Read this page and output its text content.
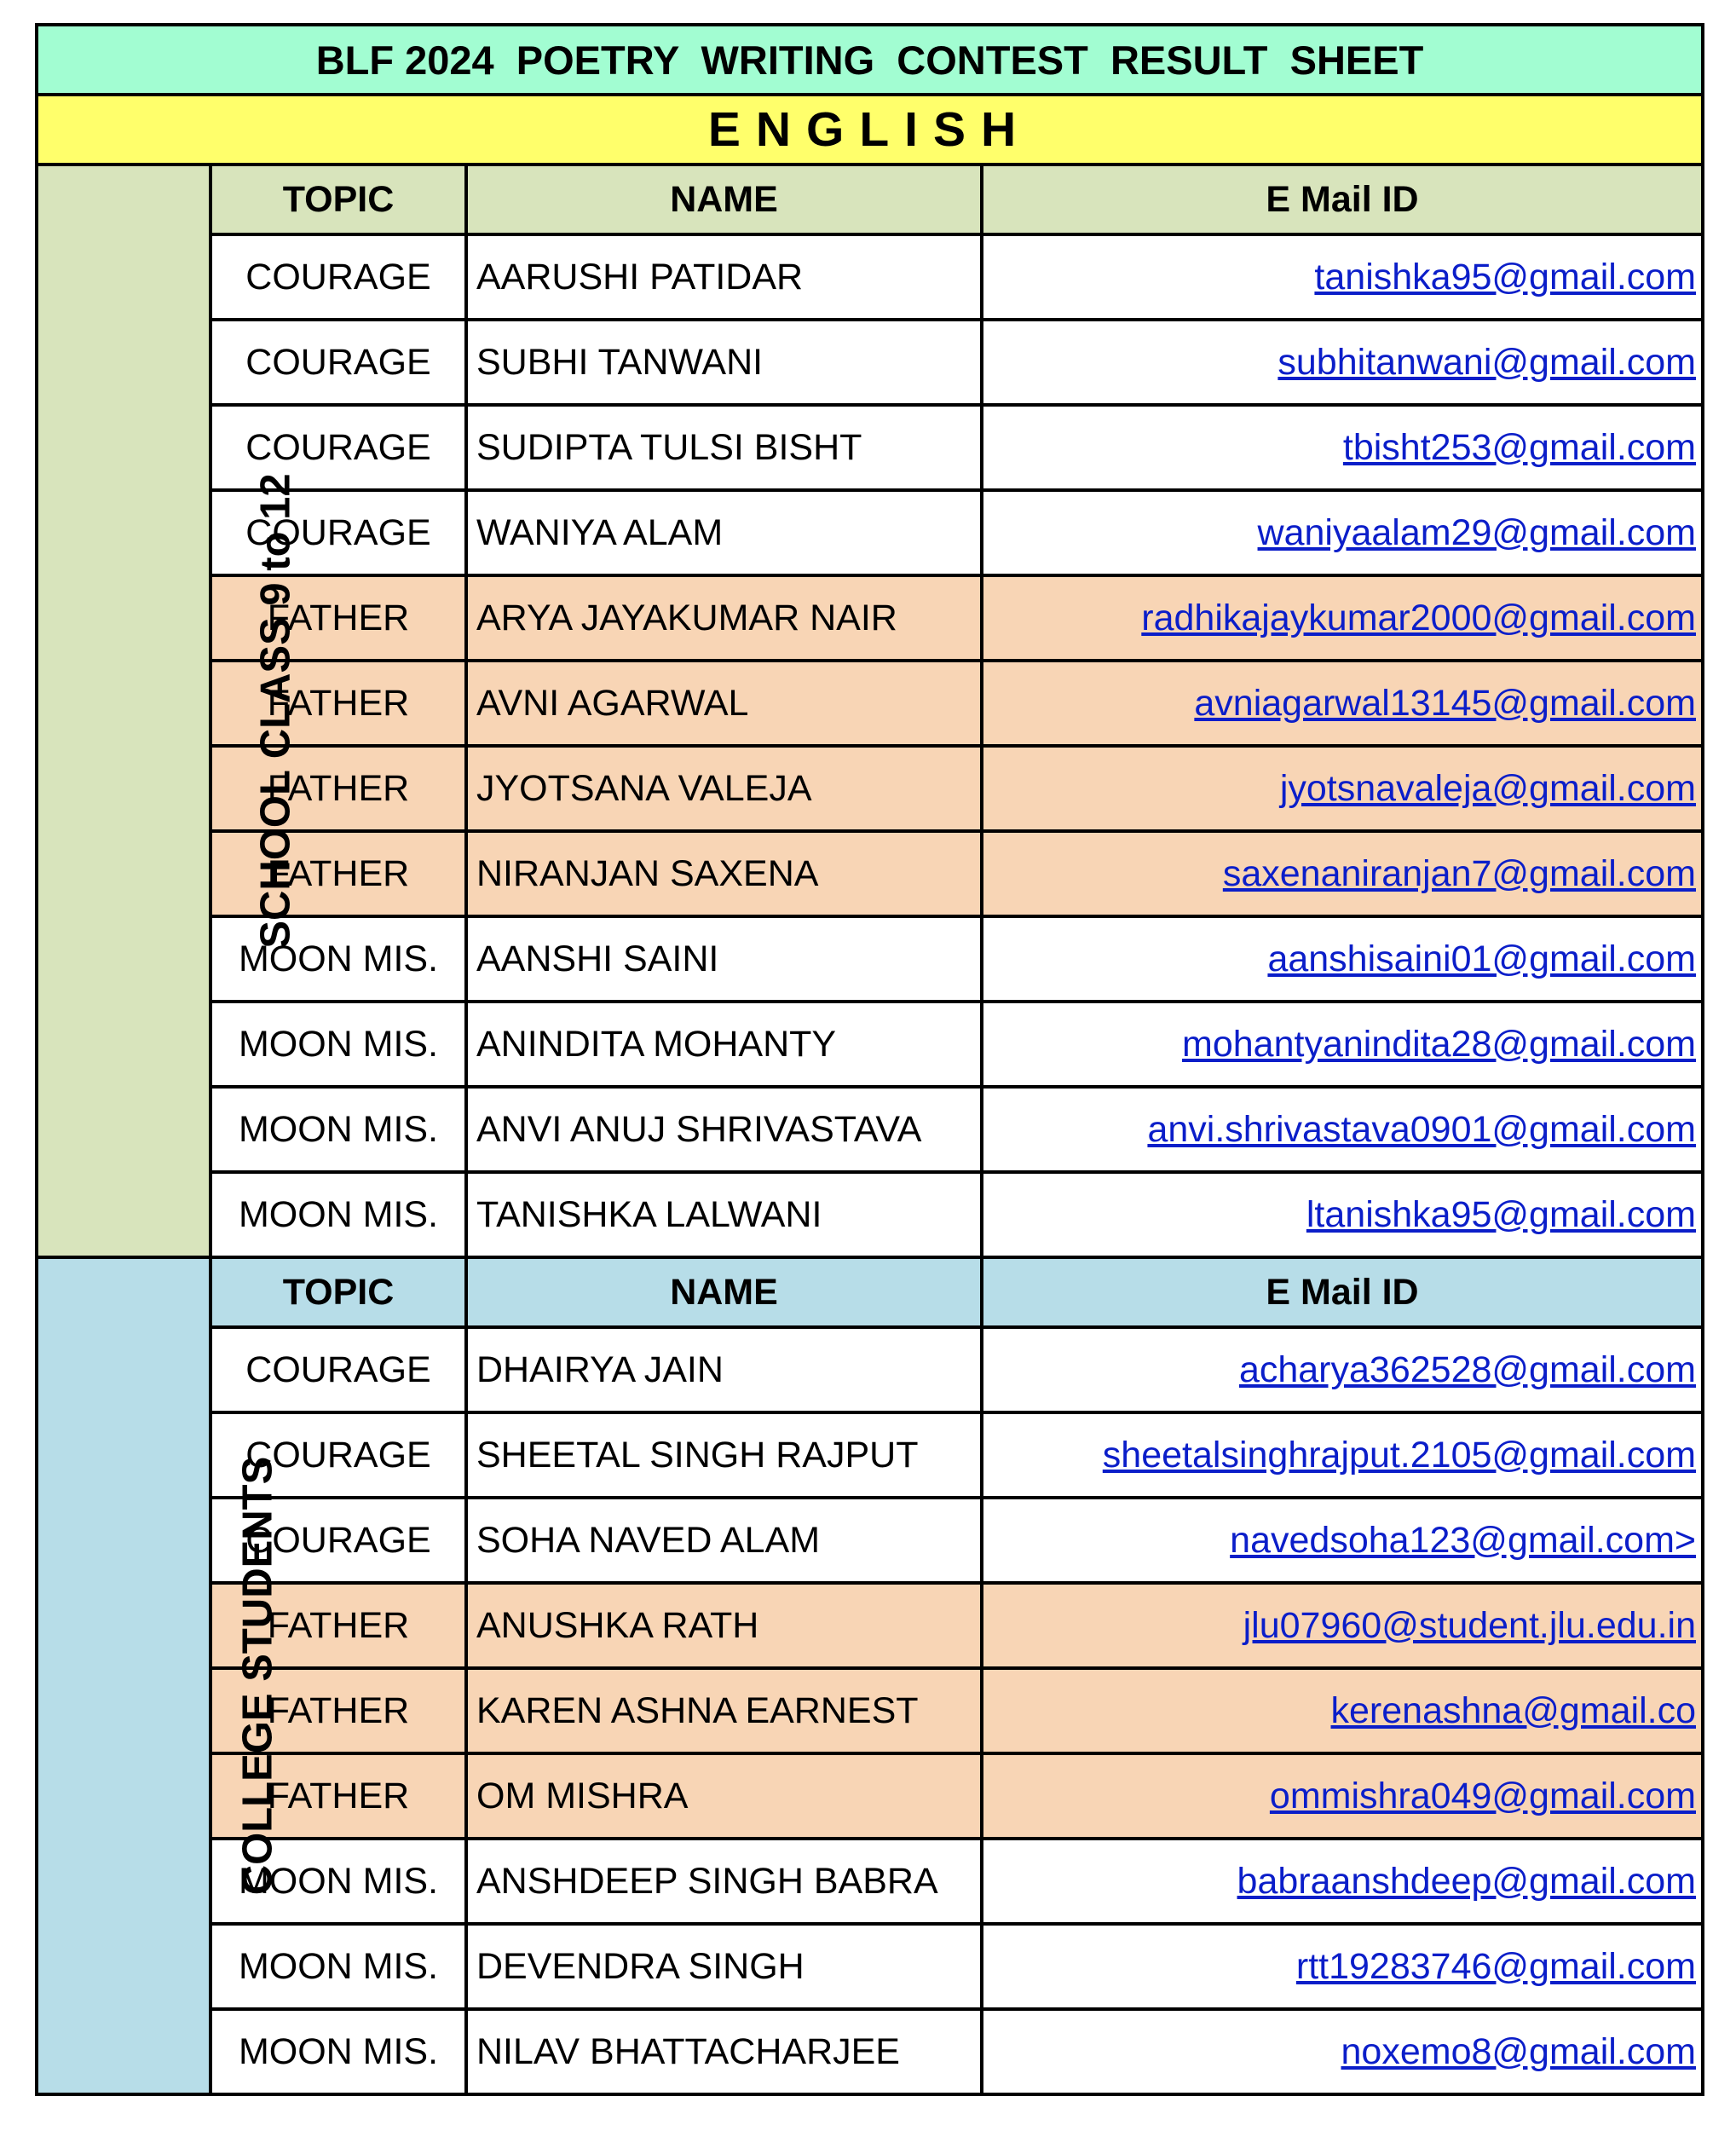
BLF 2024  POETRY  WRITING  CONTEST  RESULT  SHEET			
ENGLISH			
SCHOOL CLASS 9 to 12	TOPIC	NAME	E Mail ID
	COURAGE	AARUSHI PATIDAR	tanishka95@gmail.com
	COURAGE	SUBHI TANWANI	subhitanwani@gmail.com
	COURAGE	SUDIPTA TULSI BISHT	tbisht253@gmail.com
	COURAGE	WANIYA ALAM	waniyaalam29@gmail.com
	FATHER	ARYA JAYAKUMAR NAIR	radhikajaykumar2000@gmail.com
	FATHER	AVNI AGARWAL	avniagarwal13145@gmail.com
	FATHER	JYOTSANA VALEJA	jyotsnavaleja@gmail.com
	FATHER	NIRANJAN SAXENA	saxenaniranjan7@gmail.com
	MOON MIS.	AANSHI SAINI	aanshisaini01@gmail.com
	MOON MIS.	ANINDITA MOHANTY	mohantyanindita28@gmail.com
	MOON MIS.	ANVI ANUJ SHRIVASTAVA	anvi.shrivastava0901@gmail.com
	MOON MIS.	TANISHKA LALWANI	ltanishka95@gmail.com
COLLEGE STUDENTS	TOPIC	NAME	E Mail ID
	COURAGE	DHAIRYA JAIN	acharya362528@gmail.com
	COURAGE	SHEETAL SINGH RAJPUT	sheetalsinghrajput.2105@gmail.com
	COURAGE	SOHA NAVED ALAM	navedsoha123@gmail.com>
	FATHER	ANUSHKA RATH	jlu07960@student.jlu.edu.in
	FATHER	KAREN ASHNA EARNEST	kerenashna@gmail.co
	FATHER	OM MISHRA	ommishra049@gmail.com
	MOON MIS.	ANSHDEEP SINGH BABRA	babraanshdeep@gmail.com
	MOON MIS.	DEVENDRA SINGH	rtt19283746@gmail.com
	MOON MIS.	NILAV BHATTACHARJEE	noxemo8@gmail.com
